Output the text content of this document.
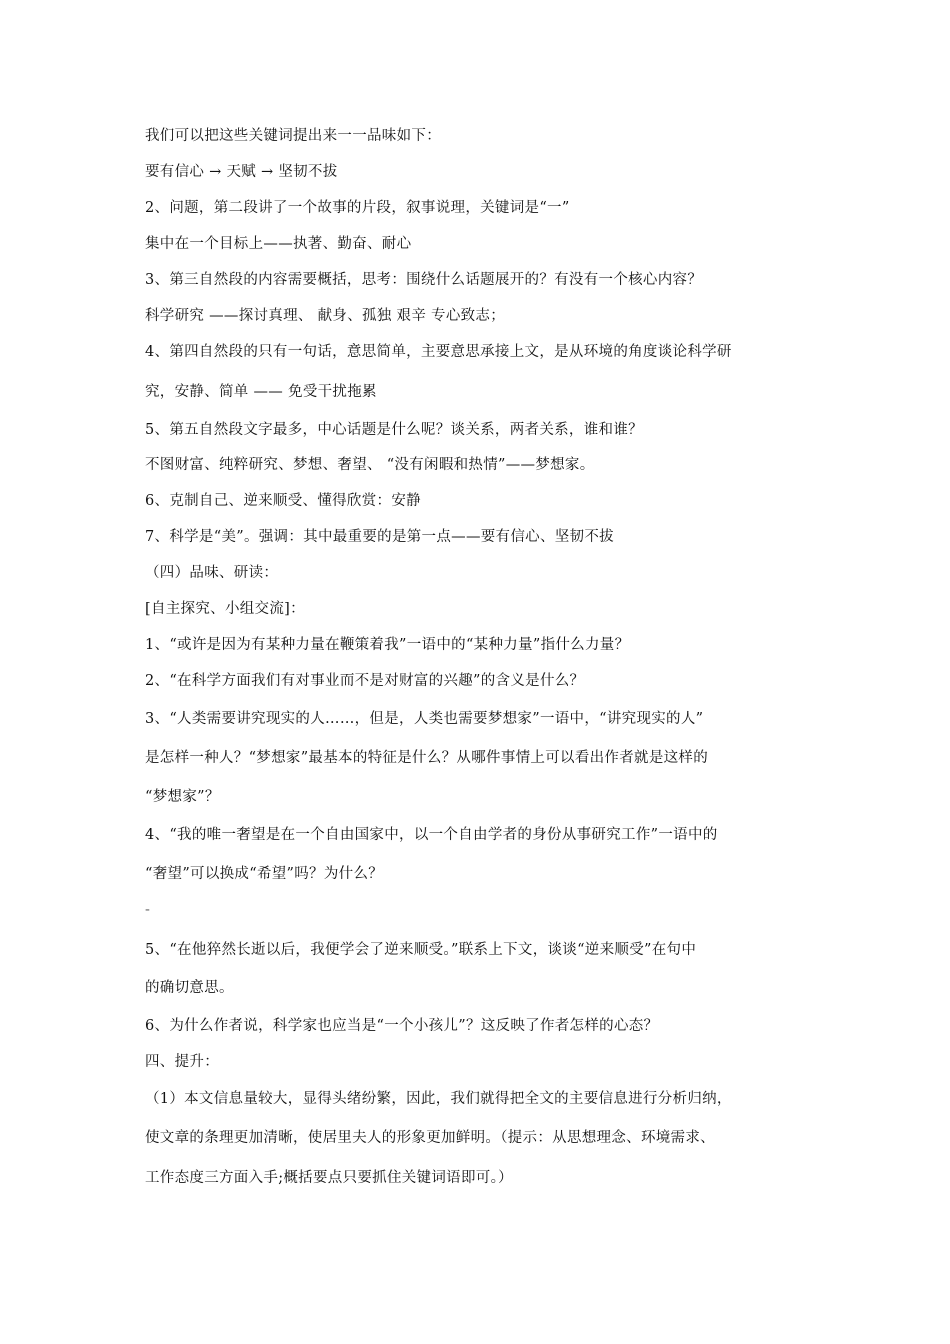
我们可以把这些关键词提出来一一品味如下：
要有信心 → 天赋 → 坚韧不拔
2、问题，第二段讲了一个故事的片段，叙事说理，关键词是“一”
集中在一个目标上——执著、勤奋、耐心
3、第三自然段的内容需要概括，思考：围绕什么话题展开的？有没有一个核心内容？
科学研究 ——探讨真理、 献身、孤独 艰辛 专心致志；
4、第四自然段的只有一句话，意思简单，主要意思承接上文，是从环境的角度谈论科学研
究，安静、简单 —— 免受干扰拖累
5、第五自然段文字最多，中心话题是什么呢？谈关系，两者关系，谁和谁？
不图财富、纯粹研究、梦想、奢望、 “没有闲暇和热情”——梦想家。
6、克制自己、逆来顺受、懂得欣赏：安静
7、科学是“美”。强调：其中最重要的是第一点——要有信心、坚韧不拔
（四）品味、研读：
[自主探究、小组交流]：
1、“或许是因为有某种力量在鞭策着我”一语中的“某种力量”指什么力量？
2、“在科学方面我们有对事业而不是对财富的兴趣”的含义是什么？
3、“人类需要讲究现实的人……，但是，人类也需要梦想家”一语中，“讲究现实的人”
是怎样一种人？“梦想家”最基本的特征是什么？从哪件事情上可以看出作者就是这样的
“梦想家”？
4、“我的唯一奢望是在一个自由国家中，以一个自由学者的身份从事研究工作”一语中的
“奢望”可以换成“希望”吗？为什么？
-
5、“在他猝然长逝以后，我便学会了逆来顺受。”联系上下文，谈谈“逆来顺受”在句中
的确切意思。
6、为什么作者说，科学家也应当是“一个小孩儿”？这反映了作者怎样的心态？
四、提升：
（1）本文信息量较大，显得头绪纷繁，因此，我们就得把全文的主要信息进行分析归纳，
使文章的条理更加清晰，使居里夫人的形象更加鲜明。（提示：从思想理念、环境需求、
工作态度三方面入手;概括要点只要抓住关键词语即可。）
